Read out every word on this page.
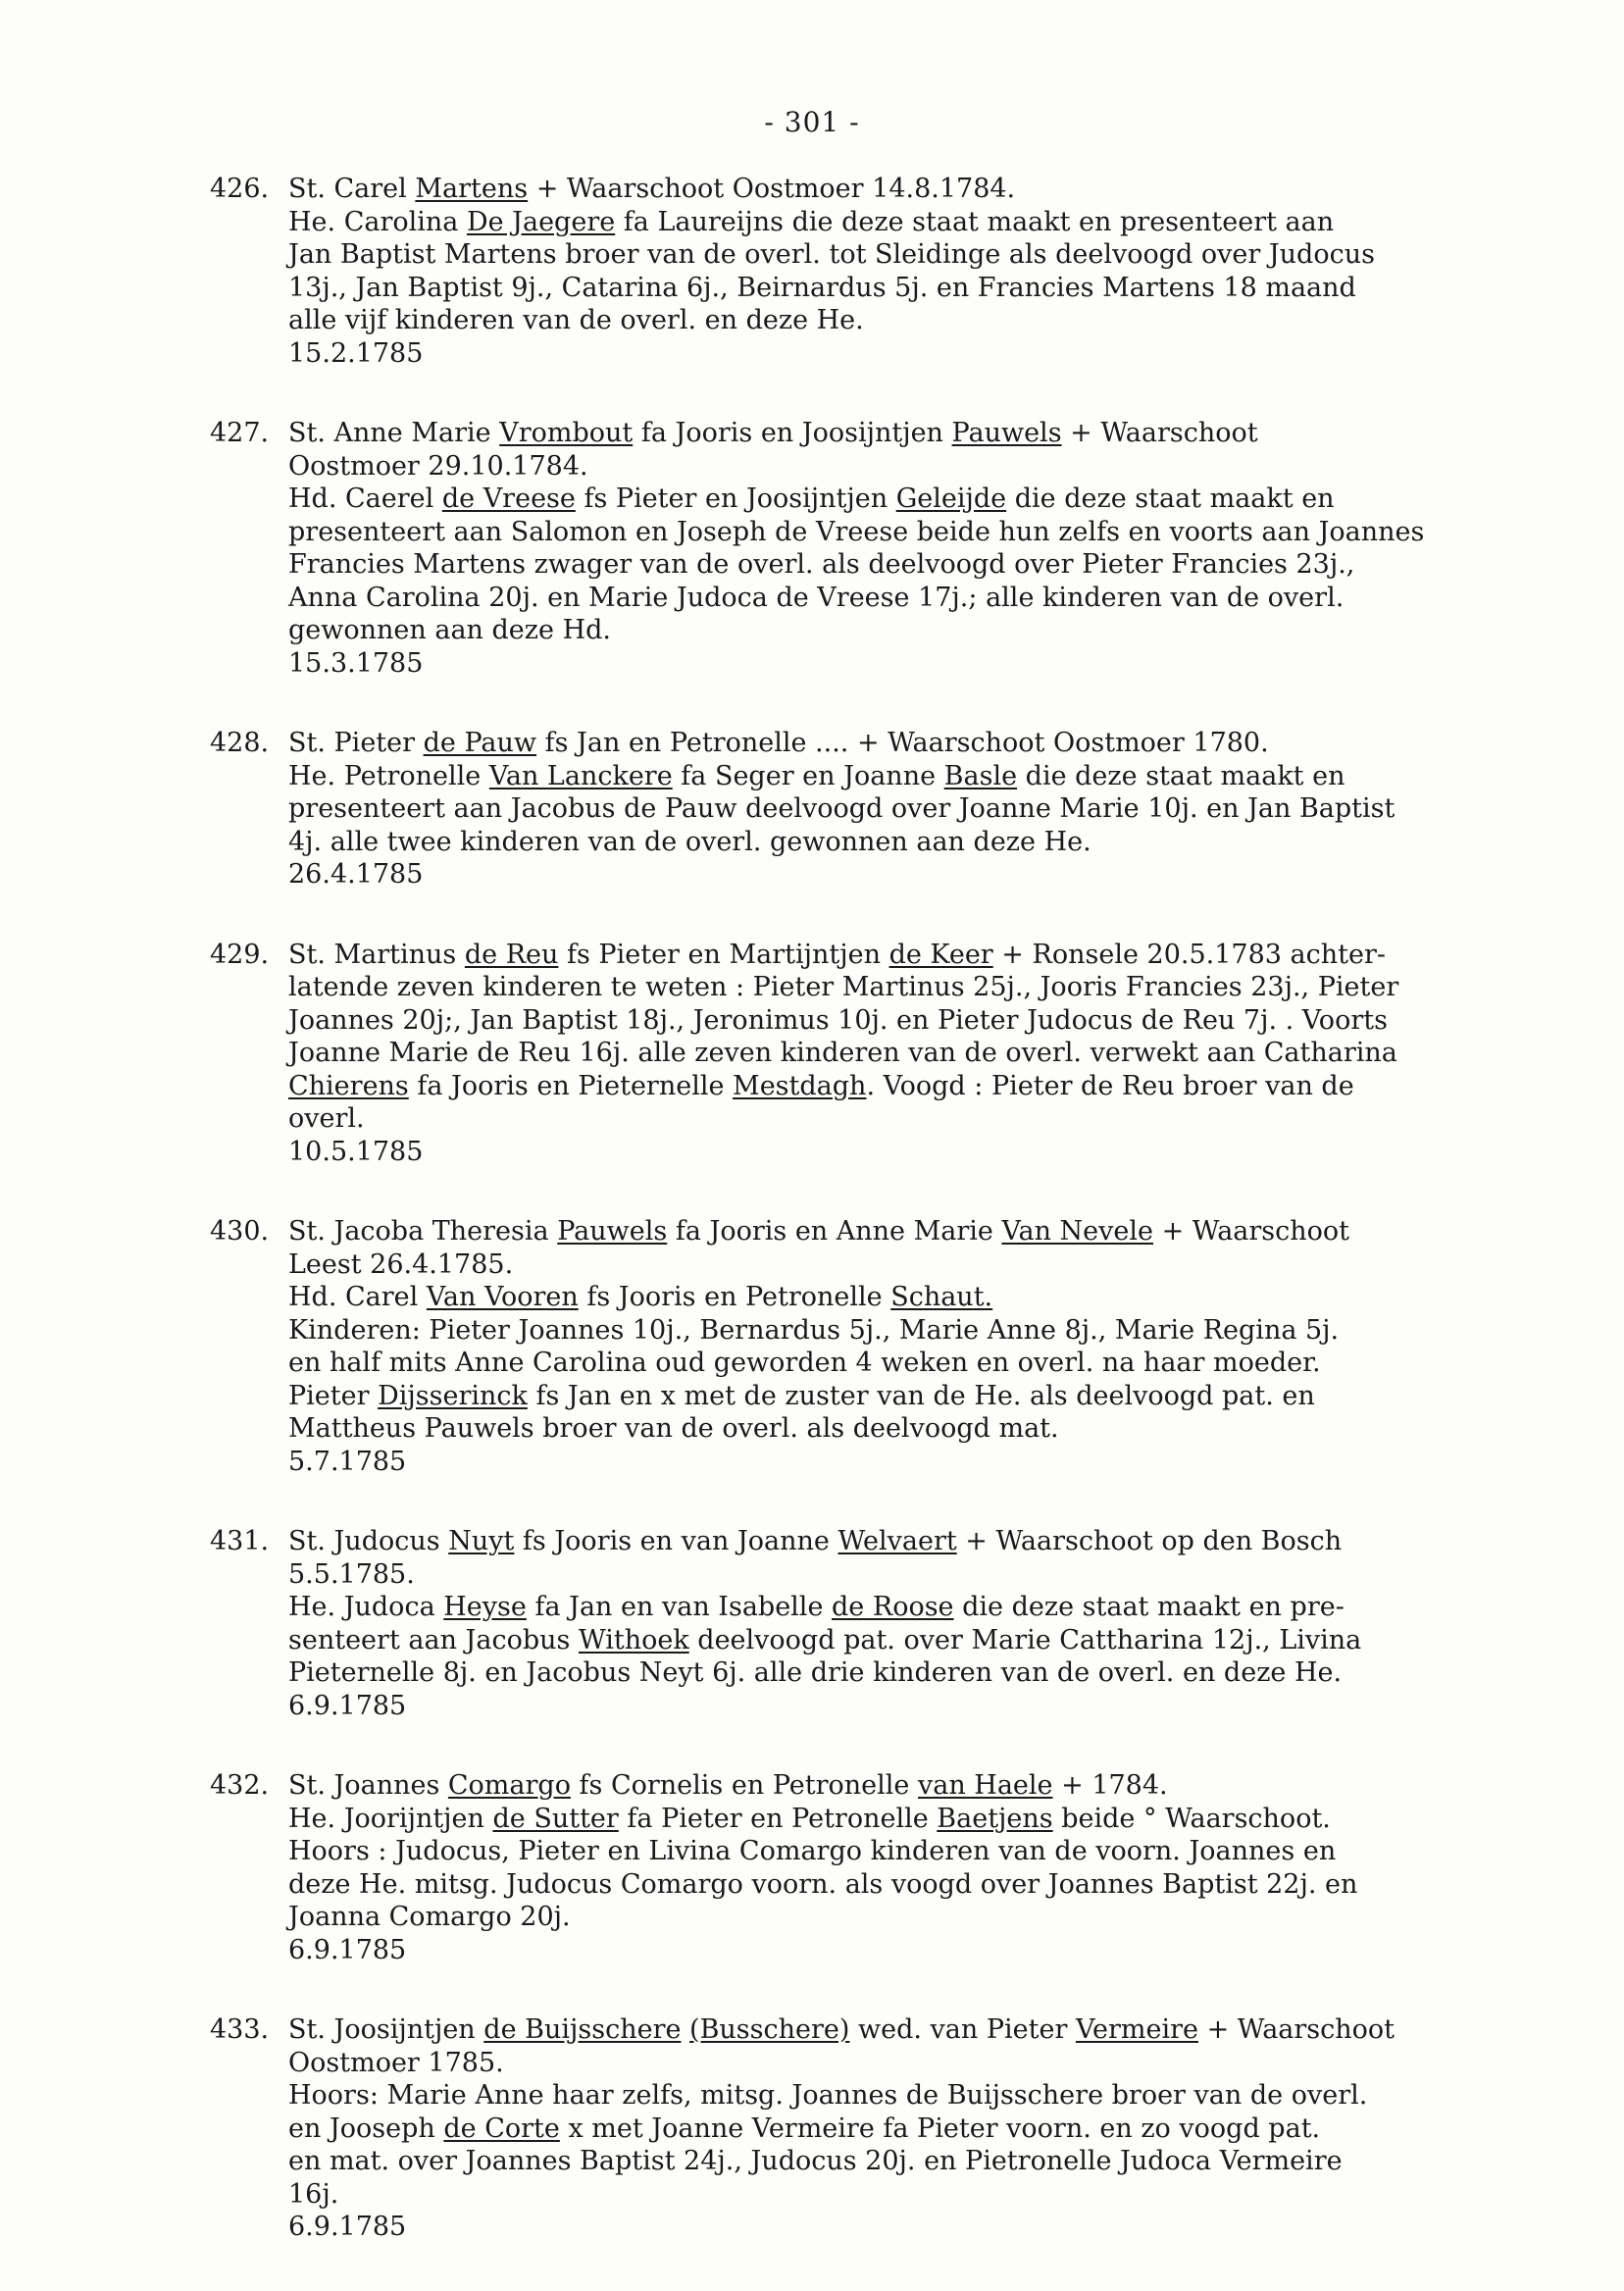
- 301 -
426. St. Carel Martens + Waarschoot Oostmoer 14.8.1784.
He. Carolina De Jaegere fa Laureijns die deze staat maakt en presenteert aan
Jan Baptist Martens broer van de overl. tot Sleidinge als deelvoogd over Judocus
13j., Jan Baptist 9j., Catarina 6j., Beirnardus 5j. en Francies Martens 18 maand
alle vijf kinderen van de overl. en deze He.
15.2.1785
427. St. Anne Marie Vrombout fa Jooris en Joosijntjen Pauwels + Waarschoot
Oostmoer 29.10.1784.
Hd. Caerel de Vreese fs Pieter en Joosijntjen Geleijde die deze staat maakt en
presenteert aan Salomon en Joseph de Vreese beide hun zelfs en voorts aan Joannes
Francies Martens zwager van de overl. als deelvoogd over Pieter Francies 23j.,
Anna Carolina 20j. en Marie Judoca de Vreese 17j.; alle kinderen van de overl.
gewonnen aan deze Hd.
15.3.1785
428. St. Pieter de Pauw fs Jan en Petronelle .... + Waarschoot Oostmoer 1780.
He. Petronelle Van Lanckere fa Seger en Joanne Basle die deze staat maakt en
presenteert aan Jacobus de Pauw deelvoogd over Joanne Marie 10j. en Jan Baptist
4j. alle twee kinderen van de overl. gewonnen aan deze He.
26.4.1785
429. St. Martinus de Reu fs Pieter en Martijntjen de Keer + Ronsele 20.5.1783 achter-
latende zeven kinderen te weten : Pieter Martinus 25j., Jooris Francies 23j., Pieter
Joannes 20j;, Jan Baptist 18j., Jeronimus 10j. en Pieter Judocus de Reu 7j. . Voorts
Joanne Marie de Reu 16j. alle zeven kinderen van de overl. verwekt aan Catharina
Chierens fa Jooris en Pieternelle Mestdagh. Voogd : Pieter de Reu broer van de
overl.
10.5.1785
430. St. Jacoba Theresia Pauwels fa Jooris en Anne Marie Van Nevele + Waarschoot
Leest 26.4.1785.
Hd. Carel Van Vooren fs Jooris en Petronelle Schaut.
Kinderen: Pieter Joannes 10j., Bernardus 5j., Marie Anne 8j., Marie Regina 5j.
en half mits Anne Carolina oud geworden 4 weken en overl. na haar moeder.
Pieter Dijsserinck fs Jan en x met de zuster van de He. als deelvoogd pat. en
Mattheus Pauwels broer van de overl. als deelvoogd mat.
5.7.1785
431. St. Judocus Nuyt fs Jooris en van Joanne Welvaert + Waarschoot op den Bosch
5.5.1785.
He. Judoca Heyse fa Jan en van Isabelle de Roose die deze staat maakt en pre-
senteert aan Jacobus Withoek deelvoogd pat. over Marie Cattharina 12j., Livina
Pieternelle 8j. en Jacobus Neyt 6j. alle drie kinderen van de overl. en deze He.
6.9.1785
432. St. Joannes Comargo fs Cornelis en Petronelle van Haele + 1784.
He. Joorijntjen de Sutter fa Pieter en Petronelle Baetjens beide ° Waarschoot.
Hoors : Judocus, Pieter en Livina Comargo kinderen van de voorn. Joannes en
deze He. mitsg. Judocus Comargo voorn. als voogd over Joannes Baptist 22j. en
Joanna Comargo 20j.
6.9.1785
433. St. Joosijntjen de Buijsschere (Busschere) wed. van Pieter Vermeire + Waarschoot
Oostmoer 1785.
Hoors: Marie Anne haar zelfs, mitsg. Joannes de Buijsschere broer van de overl.
en Jooseph de Corte x met Joanne Vermeire fa Pieter voorn. en zo voogd pat.
en mat. over Joannes Baptist 24j., Judocus 20j. en Pietronelle Judoca Vermeire
16j.
6.9.1785
